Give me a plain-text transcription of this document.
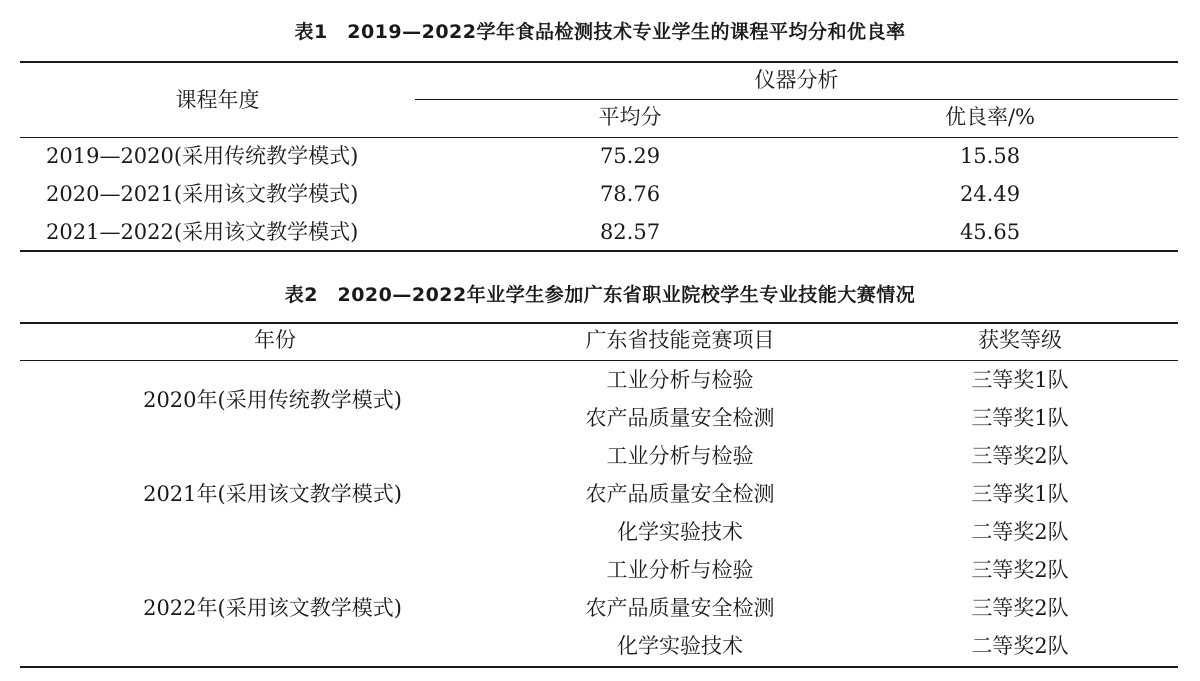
表1　2019—2022学年食品检测技术专业学生的课程平均分和优良率
课程年度
仪器分析
平均分	优良率/%
2019—2020(采用传统教学模式)	75.29	15.58
2020—2021(采用该文教学模式)	78.76	24.49
2021—2022(采用该文教学模式)	82.57	45.65
表2　2020—2022年业学生参加广东省职业院校学生专业技能大赛情况
年份	广东省技能竞赛项目	获奖等级
2020年(采用传统教学模式)
工业分析与检验	三等奖1队
农产品质量安全检测	三等奖1队
2021年(采用该文教学模式)
工业分析与检验	三等奖2队
农产品质量安全检测	三等奖1队
化学实验技术	二等奖2队
2022年(采用该文教学模式)
工业分析与检验	三等奖2队
农产品质量安全检测	三等奖2队
化学实验技术	二等奖2队
